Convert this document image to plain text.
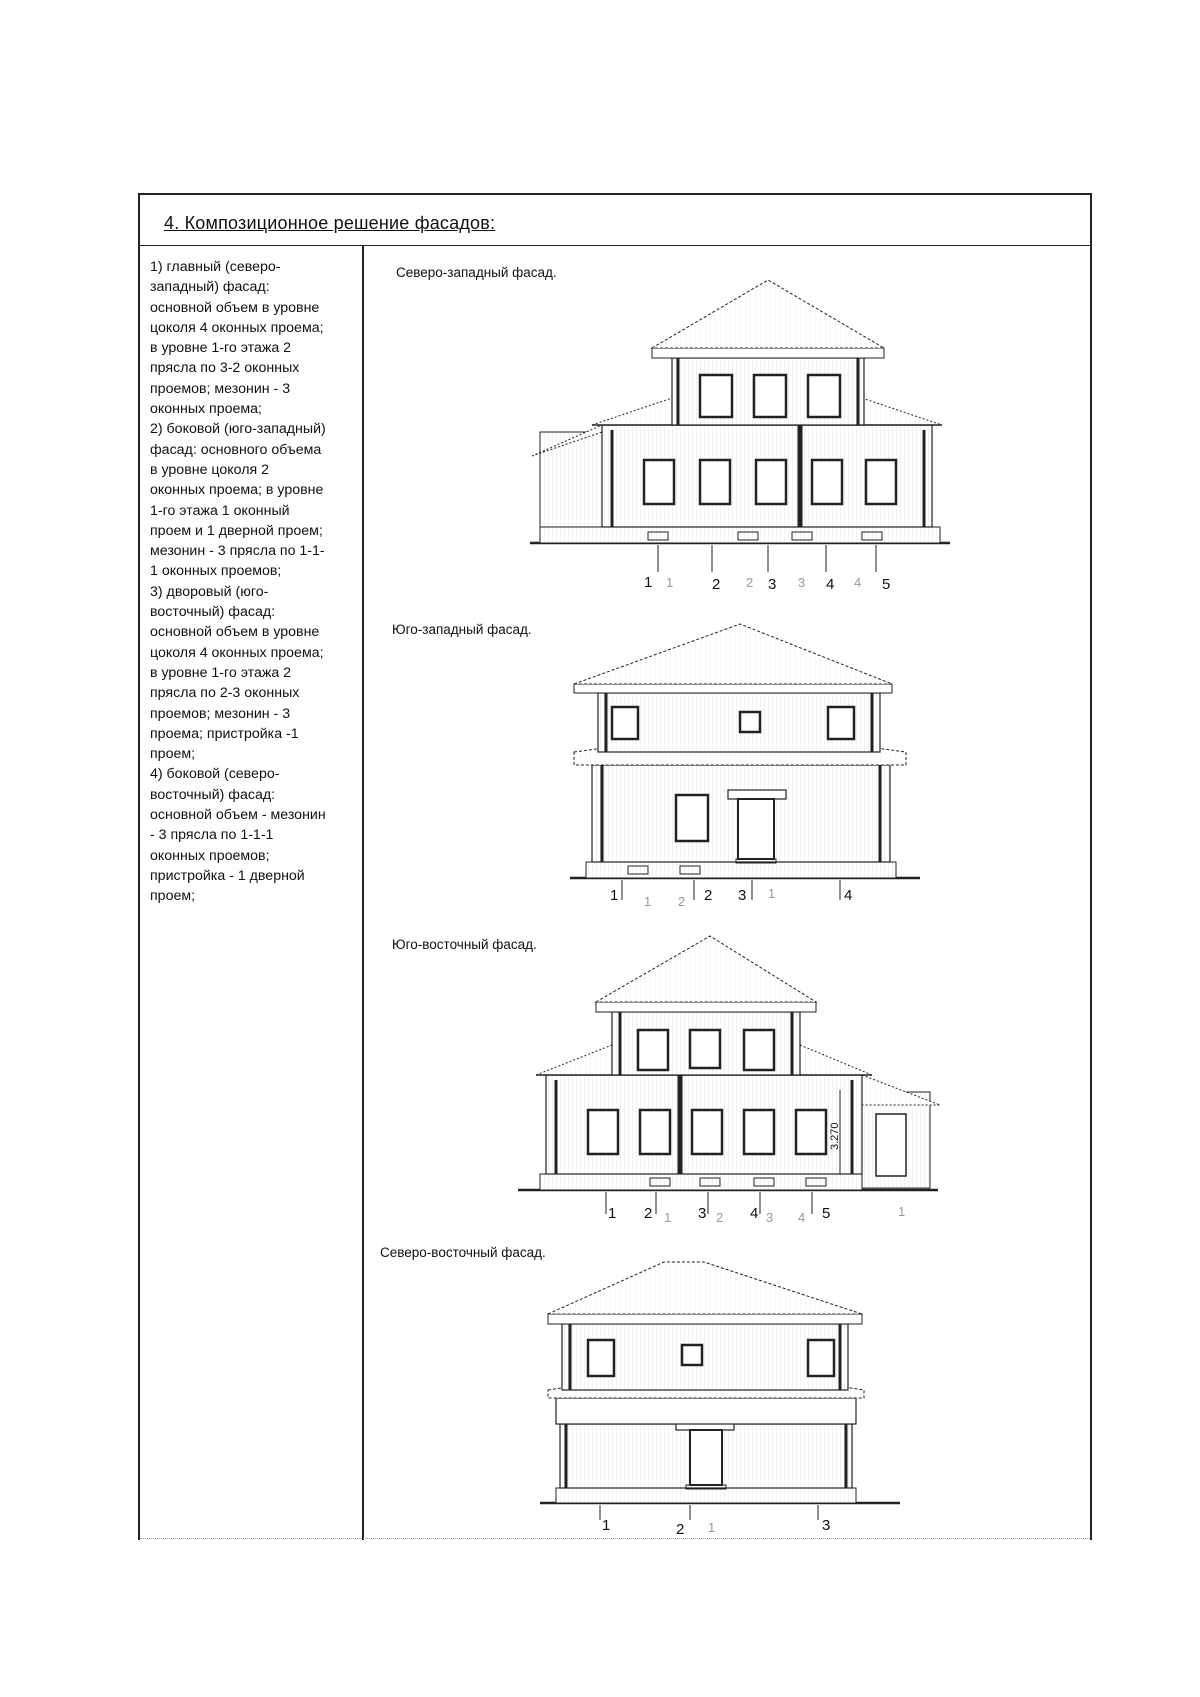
4. Композиционное решение фасадов:
1) главный (северо-
западный) фасад:
основной объем в уровне
цоколя 4 оконных проема;
в уровне 1-го этажа 2
прясла по 3-2 оконных
проемов; мезонин - 3
оконных проема;
2) боковой (юго-западный)
фасад: основного объема
в уровне цоколя 2
оконных проема; в уровне
1-го этажа 1 оконный
проем и 1 дверной проем;
мезонин - 3 прясла по 1-1-
1 оконных проемов;
3) дворовый (юго-
восточный) фасад:
основной объем в уровне
цоколя 4 оконных проема;
в уровне 1-го этажа 2
прясла по 2-3 оконных
проемов; мезонин - 3
проема; пристройка -1
проем;
4) боковой (северо-
восточный) фасад:
основной объем - мезонин
- 3 прясла по 1-1-1
оконных проемов;
пристройка - 1 дверной
проем;
Северо-западный фасад.
Юго-западный фасад.
Юго-восточный фасад.
Северо-восточный фасад.
1 1	2 2 3 3 4 4 5
1 1	2
2	3 1	4
3.270
1 2 1 3 2 4 3 4 5	1
1	2 1	3
